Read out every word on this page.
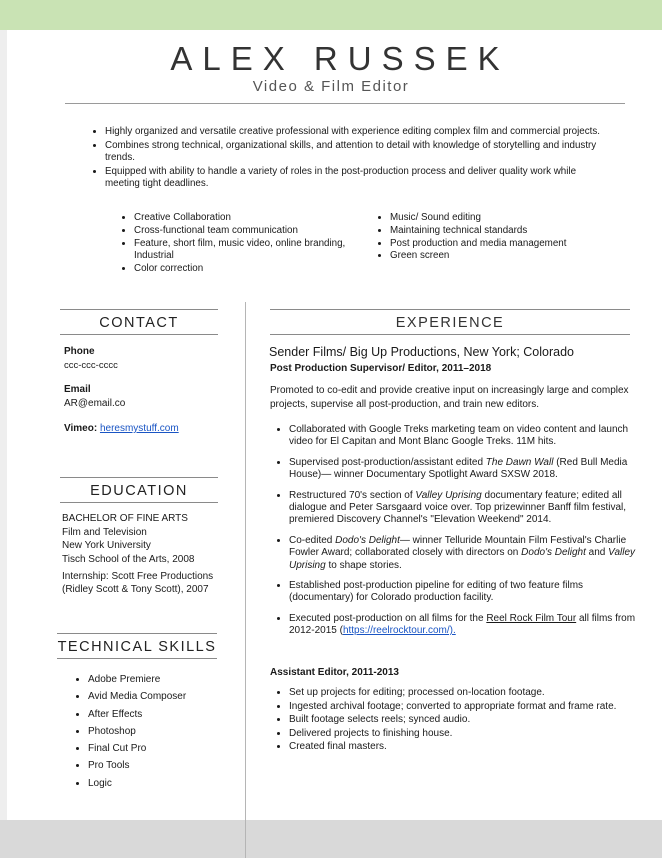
ALEX RUSSEK
Video & Film Editor
• Highly organized and versatile creative professional with experience editing complex film and commercial projects.
• Combines strong technical, organizational skills, and attention to detail with knowledge of storytelling and industry trends.
• Equipped with ability to handle a variety of roles in the post-production process and deliver quality work while meeting tight deadlines.
• Creative Collaboration
• Cross-functional team communication
• Feature, short film, music video, online branding, Industrial
• Color correction
• Music/ Sound editing
• Maintaining technical standards
• Post production and media management
• Green screen
CONTACT
Phone
ccc-ccc-cccc
Email
AR@email.co
Vimeo: heresmystuff.com
EDUCATION
BACHELOR OF FINE ARTS
Film and Television
New York University
Tisch School of the Arts, 2008
Internship: Scott Free Productions (Ridley Scott & Tony Scott), 2007
TECHNICAL SKILLS
• Adobe Premiere
• Avid Media Composer
• After Effects
• Photoshop
• Final Cut Pro
• Pro Tools
• Logic
EXPERIENCE
Sender Films/ Big Up Productions, New York; Colorado
Post Production Supervisor/ Editor, 2011–2018
Promoted to co-edit and provide creative input on increasingly large and complex projects, supervise all post-production, and train new editors.
• Collaborated with Google Treks marketing team on video content and launch video for El Capitan and Mont Blanc Google Treks. 11M hits.
• Supervised post-production/assistant edited The Dawn Wall (Red Bull Media House)— winner Documentary Spotlight Award SXSW 2018.
• Restructured 70's section of Valley Uprising documentary feature; edited all dialogue and Peter Sarsgaard voice over. Top prizewinner Banff film festival, premiered Discovery Channel's "Elevation Weekend" 2014.
• Co-edited Dodo's Delight— winner Telluride Mountain Film Festival's Charlie Fowler Award; collaborated closely with directors on Dodo's Delight and Valley Uprising to shape stories.
• Established post-production pipeline for editing of two feature films (documentary) for Colorado production facility.
• Executed post-production on all films for the Reel Rock Film Tour all films from 2012-2015 (https://reelrocktour.com/).
Assistant Editor, 2011-2013
• Set up projects for editing; processed on-location footage.
• Ingested archival footage; converted to appropriate format and frame rate.
• Built footage selects reels; synced audio.
• Delivered projects to finishing house.
• Created final masters.
